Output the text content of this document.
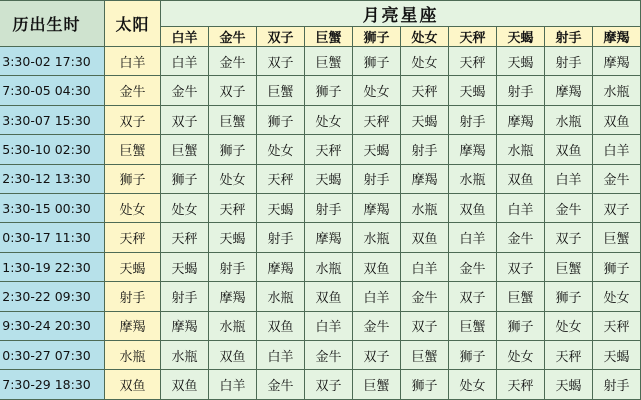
历出生时	太阳	月亮星座									
		白羊	金牛	双子	巨蟹	狮子	处女	天秤	天蝎	射手	摩羯
3:30-02 17:30	白羊	白羊	金牛	双子	巨蟹	狮子	处女	天秤	天蝎	射手	摩羯
7:30-05 04:30	金牛	金牛	双子	巨蟹	狮子	处女	天秤	天蝎	射手	摩羯	水瓶
3:30-07 15:30	双子	双子	巨蟹	狮子	处女	天秤	天蝎	射手	摩羯	水瓶	双鱼
5:30-10 02:30	巨蟹	巨蟹	狮子	处女	天秤	天蝎	射手	摩羯	水瓶	双鱼	白羊
2:30-12 13:30	狮子	狮子	处女	天秤	天蝎	射手	摩羯	水瓶	双鱼	白羊	金牛
3:30-15 00:30	处女	处女	天秤	天蝎	射手	摩羯	水瓶	双鱼	白羊	金牛	双子
0:30-17 11:30	天秤	天秤	天蝎	射手	摩羯	水瓶	双鱼	白羊	金牛	双子	巨蟹
1:30-19 22:30	天蝎	天蝎	射手	摩羯	水瓶	双鱼	白羊	金牛	双子	巨蟹	狮子
2:30-22 09:30	射手	射手	摩羯	水瓶	双鱼	白羊	金牛	双子	巨蟹	狮子	处女
9:30-24 20:30	摩羯	摩羯	水瓶	双鱼	白羊	金牛	双子	巨蟹	狮子	处女	天秤
0:30-27 07:30	水瓶	水瓶	双鱼	白羊	金牛	双子	巨蟹	狮子	处女	天秤	天蝎
7:30-29 18:30	双鱼	双鱼	白羊	金牛	双子	巨蟹	狮子	处女	天秤	天蝎	射手
